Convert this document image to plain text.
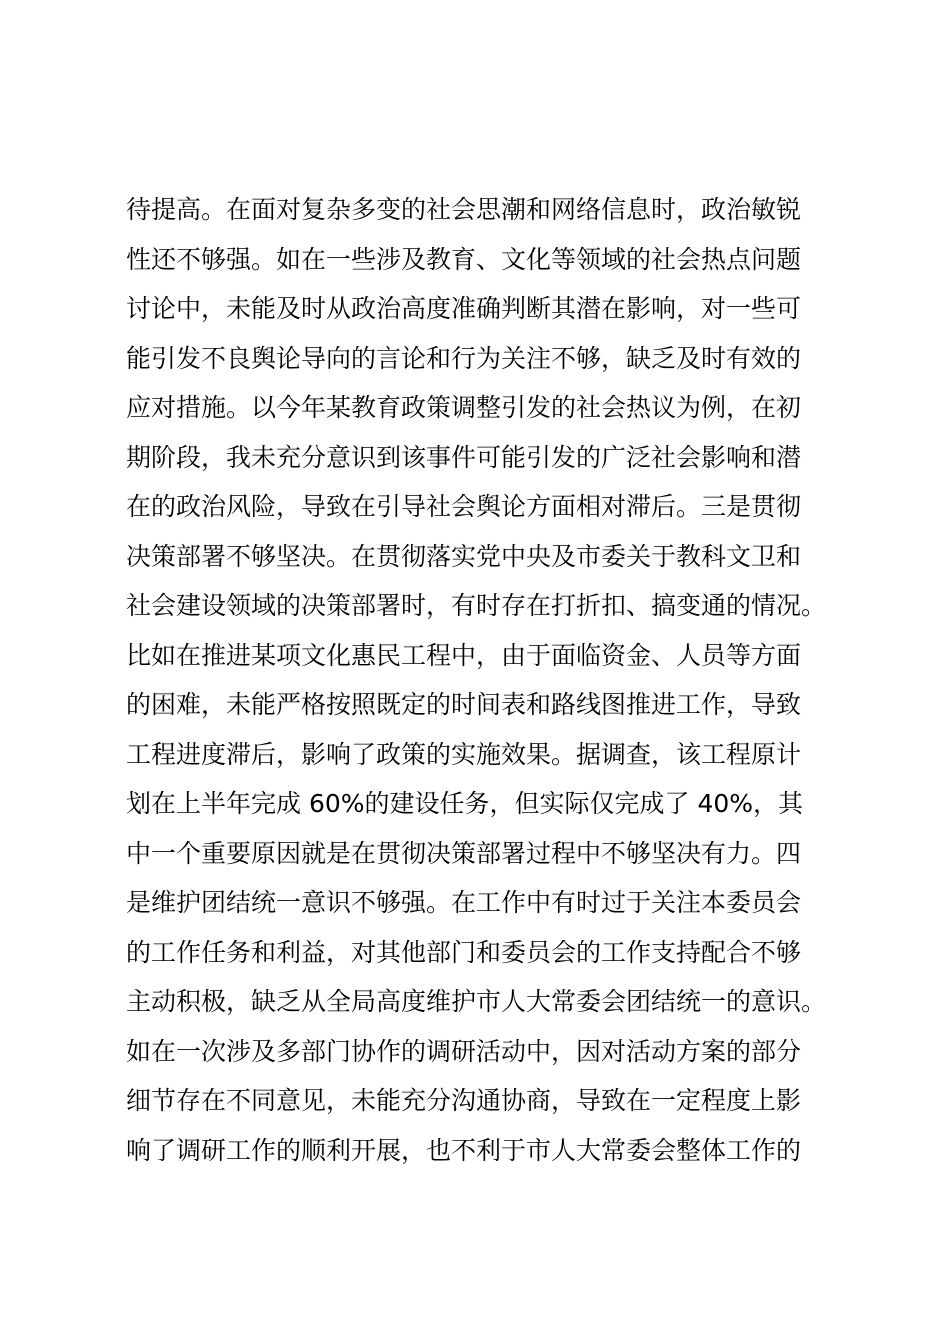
待提高。在面对复杂多变的社会思潮和网络信息时，政治敏锐
性还不够强。如在一些涉及教育、文化等领域的社会热点问题
讨论中，未能及时从政治高度准确判断其潜在影响，对一些可
能引发不良舆论导向的言论和行为关注不够，缺乏及时有效的
应对措施。以今年某教育政策调整引发的社会热议为例，在初
期阶段，我未充分意识到该事件可能引发的广泛社会影响和潜
在的政治风险，导致在引导社会舆论方面相对滞后。三是贯彻
决策部署不够坚决。在贯彻落实党中央及市委关于教科文卫和
社会建设领域的决策部署时，有时存在打折扣、搞变通的情况。
比如在推进某项文化惠民工程中，由于面临资金、人员等方面
的困难，未能严格按照既定的时间表和路线图推进工作，导致
工程进度滞后，影响了政策的实施效果。据调查，该工程原计
划在上半年完成 60%的建设任务，但实际仅完成了 40%，其
中一个重要原因就是在贯彻决策部署过程中不够坚决有力。四
是维护团结统一意识不够强。在工作中有时过于关注本委员会
的工作任务和利益，对其他部门和委员会的工作支持配合不够
主动积极，缺乏从全局高度维护市人大常委会团结统一的意识。
如在一次涉及多部门协作的调研活动中，因对活动方案的部分
细节存在不同意见，未能充分沟通协商，导致在一定程度上影
响了调研工作的顺利开展，也不利于市人大常委会整体工作的
